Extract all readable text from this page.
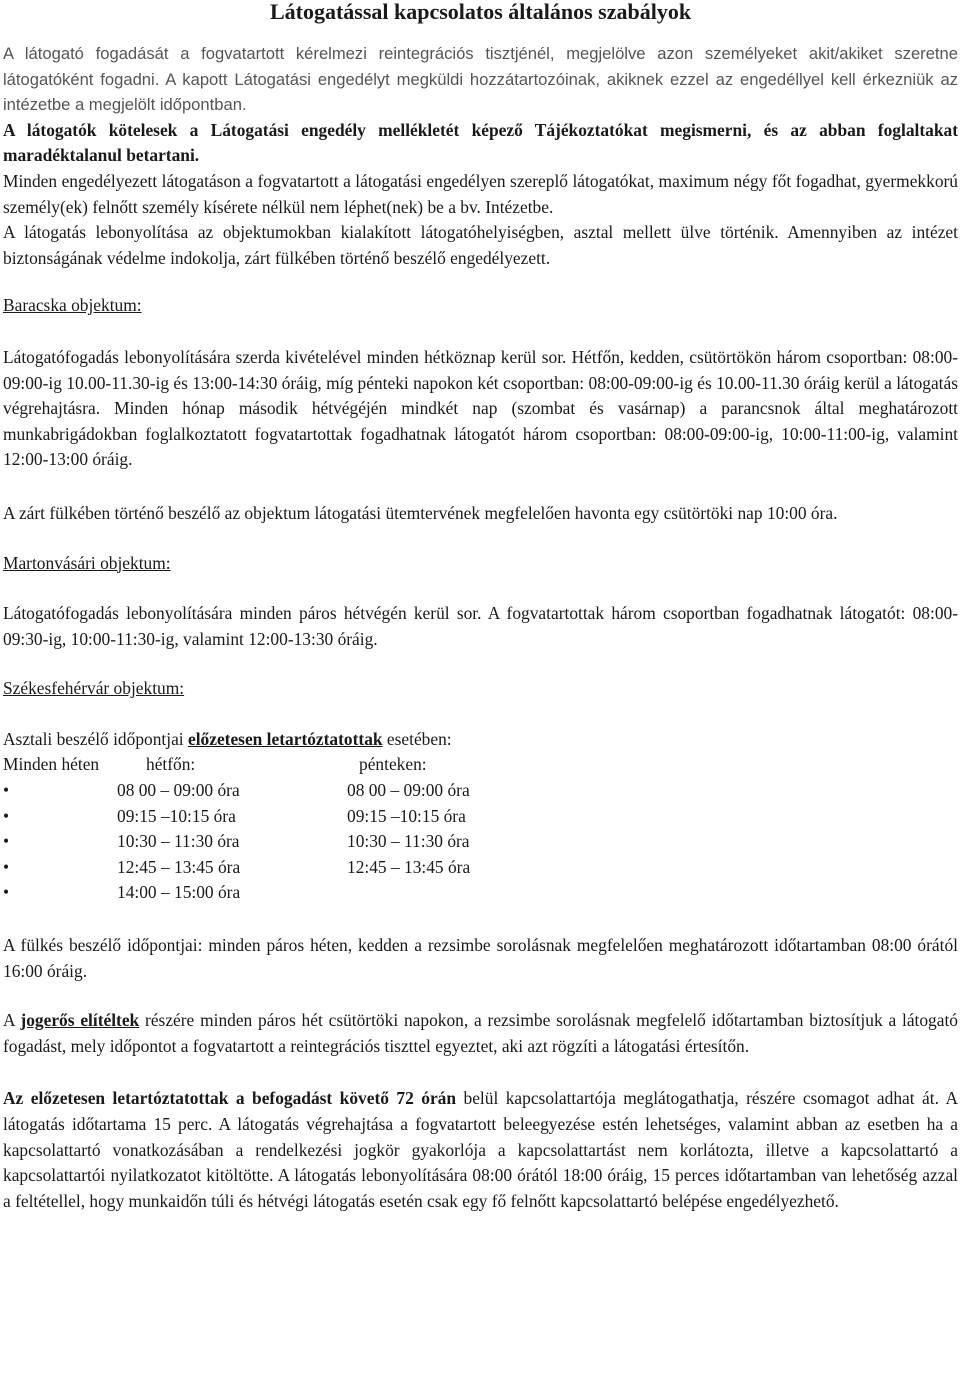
Látogatással kapcsolatos általános szabályok

A látogató fogadását a fogvatartott kérelmezi reintegrációs tisztjénél, megjelölve azon személyeket akit/akiket szeretne látogatóként fogadni. A kapott Látogatási engedélyt megküldi hozzátartozóinak, akiknek ezzel az engedéllyel kell érkezniük az intézetbe a megjelölt időpontban.

A látogatók kötelesek a Látogatási engedély mellékletét képező Tájékoztatókat megismerni, és az abban foglaltakat maradéktalanul betartani.

Minden engedélyezett látogatáson a fogvatartott a látogatási engedélyen szereplő látogatókat, maximum négy főt fogadhat, gyermekkorú személy(ek) felnőtt személy kísérete nélkül nem léphet(nek) be a bv. Intézetbe.

A látogatás lebonyolítása az objektumokban kialakított látogatóhelyiségben, asztal mellett ülve történik. Amennyiben az intézet biztonságának védelme indokolja, zárt fülkében történő beszélő engedélyezett.

Baracska objektum:

Látogatófogadás lebonyolítására szerda kivételével minden hétköznap kerül sor. Hétfőn, kedden, csütörtökön három csoportban: 08:00-09:00-ig 10.00-11.30-ig és 13:00-14:30 óráig, míg pénteki napokon két csoportban: 08:00-09:00-ig és 10.00-11.30 óráig kerül a látogatás végrehajtásra. Minden hónap második hétvégéjén mindkét nap (szombat és vasárnap) a parancsnok által meghatározott munkabrigádokban foglalkoztatott fogvatartottak fogadhatnak látogatót három csoportban: 08:00-09:00-ig, 10:00-11:00-ig, valamint 12:00-13:00 óráig.

A zárt fülkében történő beszélő az objektum látogatási ütemtervének megfelelően havonta egy csütörtöki nap 10:00 óra.

Martonvásári objektum:

Látogatófogadás lebonyolítására minden páros hétvégén kerül sor. A fogvatartottak három csoportban fogadhatnak látogatót: 08:00-09:30-ig, 10:00-11:30-ig, valamint 12:00-13:30 óráig.

Székesfehérvár objektum:

Asztali beszélő időpontjai előzetesen letartóztatottak esetében:

Minden héten	hétfőn:	pénteken:
•	08 00 – 09:00 óra	08 00 – 09:00 óra
•	09:15 –10:15 óra	09:15 –10:15 óra
•	10:30 – 11:30 óra	10:30 – 11:30 óra
•	12:45 – 13:45 óra	12:45 – 13:45 óra
•	14:00 – 15:00 óra

A fülkés beszélő időpontjai: minden páros héten, kedden a rezsimbe sorolásnak megfelelően meghatározott időtartamban 08:00 órától 16:00 óráig.

A jogerős elítéltek részére minden páros hét csütörtöki napokon, a rezsimbe sorolásnak megfelelő időtartamban biztosítjuk a látogató fogadást, mely időpontot a fogvatartott a reintegrációs tiszttel egyeztet, aki azt rögzíti a látogatási értesítőn.

Az előzetesen letartóztatottak a befogadást követő 72 órán belül kapcsolattartója meglátogathatja, részére csomagot adhat át. A látogatás időtartama 15 perc. A látogatás végrehajtása a fogvatartott beleegyezése estén lehetséges, valamint abban az esetben ha a kapcsolattartó vonatkozásában a rendelkezési jogkör gyakorlója a kapcsolattartást nem korlátozta, illetve a kapcsolattartó a kapcsolattartói nyilatkozatot kitöltötte. A látogatás lebonyolítására 08:00 órától 18:00 óráig, 15 perces időtartamban van lehetőség azzal a feltétellel, hogy munkaidőn túli és hétvégi látogatás esetén csak egy fő felnőtt kapcsolattartó belépése engedélyezhető.
